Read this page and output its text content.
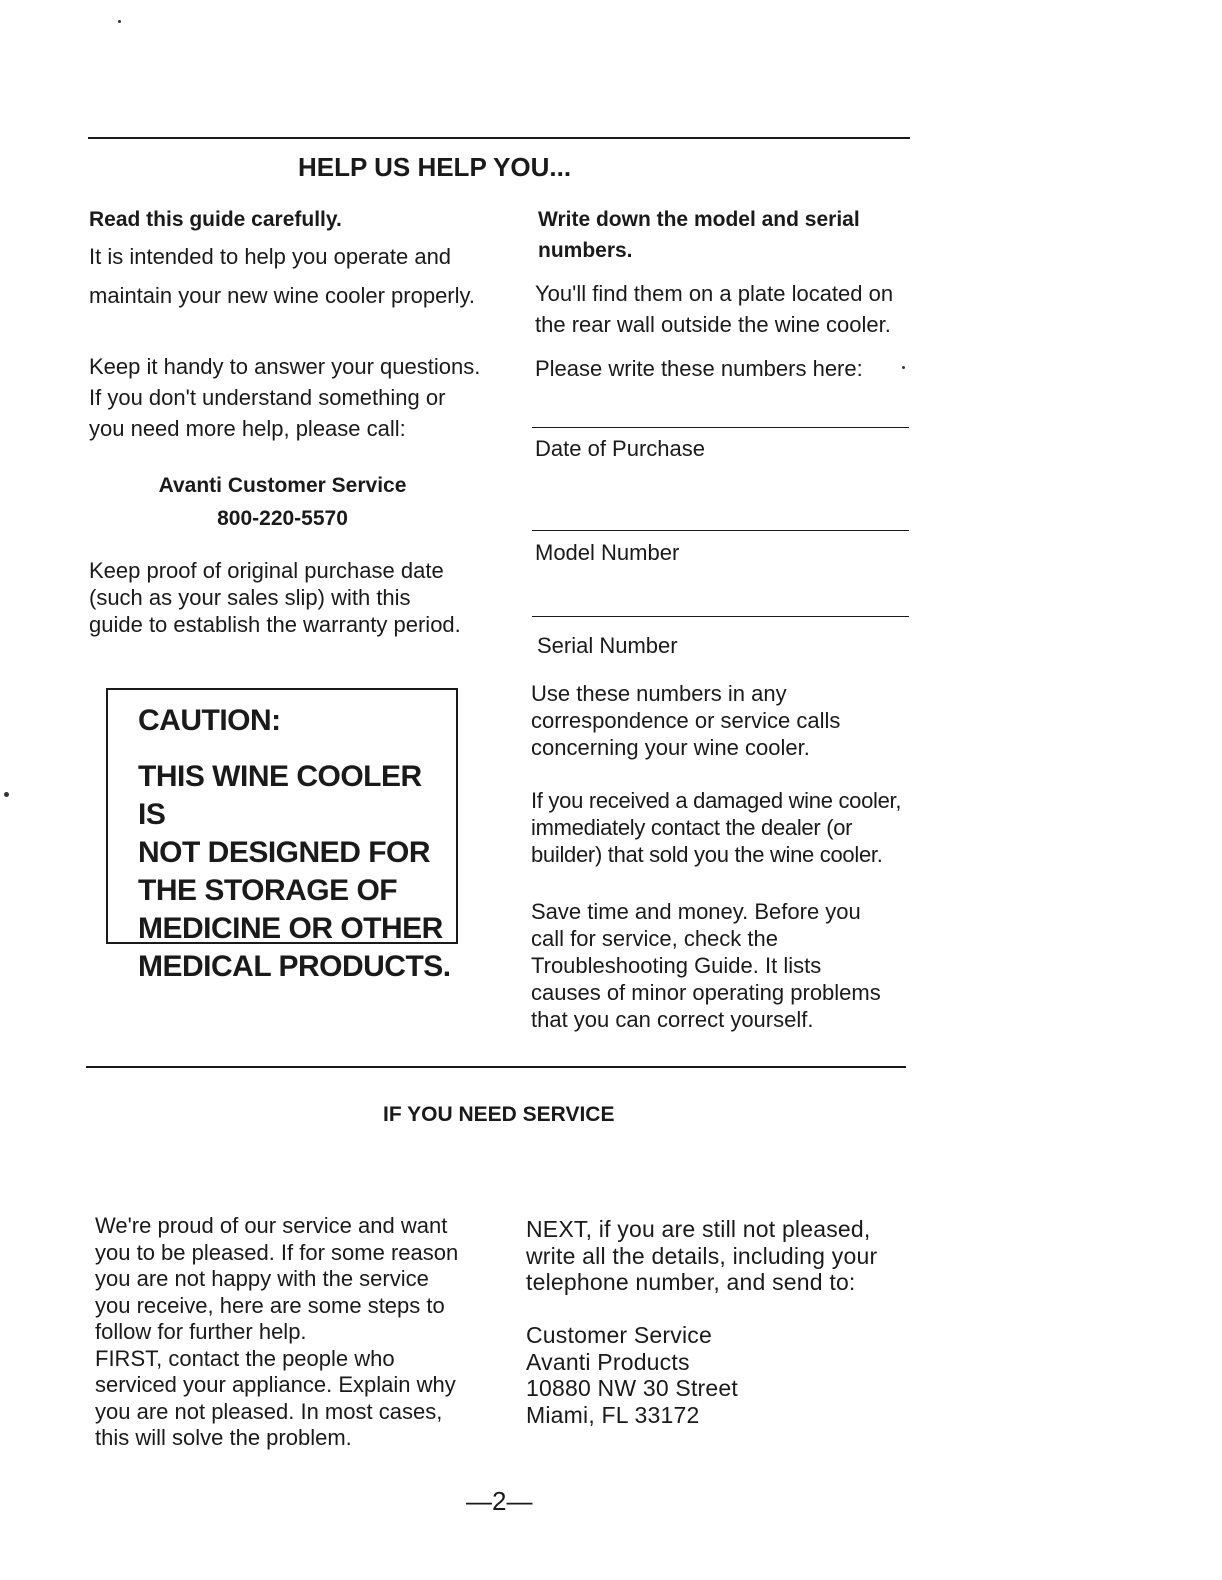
HELP US HELP YOU...
Read this guide carefully.
It is intended to help you operate and
maintain your new wine cooler properly.
Keep it handy to answer your questions.
If you don't understand something or
you need more help, please call:
Avanti Customer Service
800-220-5570
Keep proof of original purchase date
(such as your sales slip) with this
guide to establish the warranty period.
CAUTION:
THIS WINE COOLER IS
NOT DESIGNED FOR
THE STORAGE OF
MEDICINE OR OTHER
MEDICAL PRODUCTS.
Write down the model and serial
numbers.
You'll find them on a plate located on
the rear wall outside the wine cooler.
Please write these numbers here:
Date of Purchase
Model Number
Serial Number
Use these numbers in any
correspondence or service calls
concerning your wine cooler.
If you received a damaged wine cooler,
immediately contact the dealer (or
builder) that sold you the wine cooler.
Save time and money. Before you
call for service, check the
Troubleshooting Guide. It lists
causes of minor operating problems
that you can correct yourself.
IF YOU NEED SERVICE
We're proud of our service and want
you to be pleased. If for some reason
you are not happy with the service
you receive, here are some steps to
follow for further help.
FIRST, contact the people who
serviced your appliance. Explain why
you are not pleased. In most cases,
this will solve the problem.
NEXT, if you are still not pleased,
write all the details, including your
telephone number, and send to:
Customer Service
Avanti Products
10880 NW 30 Street
Miami, FL 33172
—2—
